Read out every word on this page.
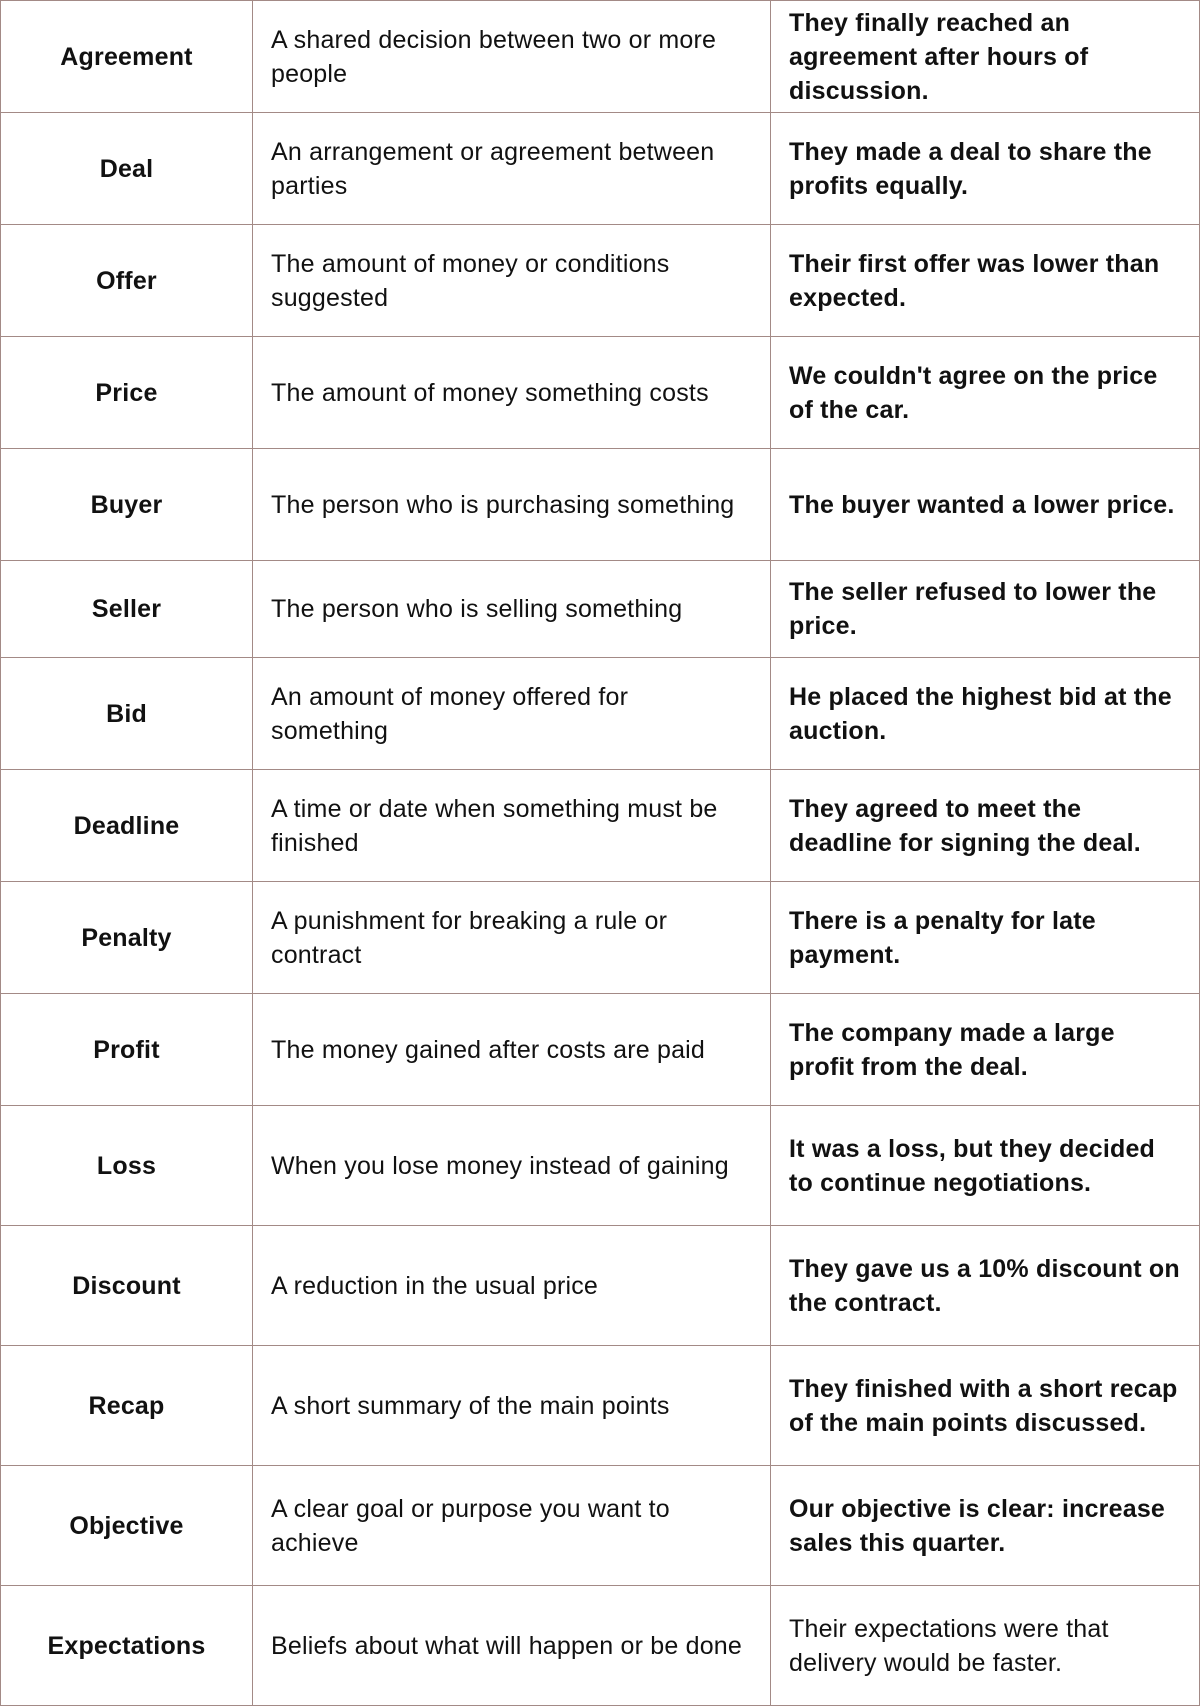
Agreement	A shared decision between two or more people	They finally reached an agreement after hours of discussion.
Deal	An arrangement or agreement between parties	They made a deal to share the profits equally.
Offer	The amount of money or conditions suggested	Their first offer was lower than expected.
Price	The amount of money something costs	We couldn't agree on the price of the car.
Buyer	The person who is purchasing something	The buyer wanted a lower price.
Seller	The person who is selling something	The seller refused to lower the price.
Bid	An amount of money offered for something	He placed the highest bid at the auction.
Deadline	A time or date when something must be finished	They agreed to meet the deadline for signing the deal.
Penalty	A punishment for breaking a rule or contract	There is a penalty for late payment.
Profit	The money gained after costs are paid	The company made a large profit from the deal.
Loss	When you lose money instead of gaining	It was a loss, but they decided to continue negotiations.
Discount	A reduction in the usual price	They gave us a 10% discount on the contract.
Recap	A short summary of the main points	They finished with a short recap of the main points discussed.
Objective	A clear goal or purpose you want to achieve	Our objective is clear: increase sales this quarter.
Expectations	Beliefs about what will happen or be done	Their expectations were that delivery would be faster.
